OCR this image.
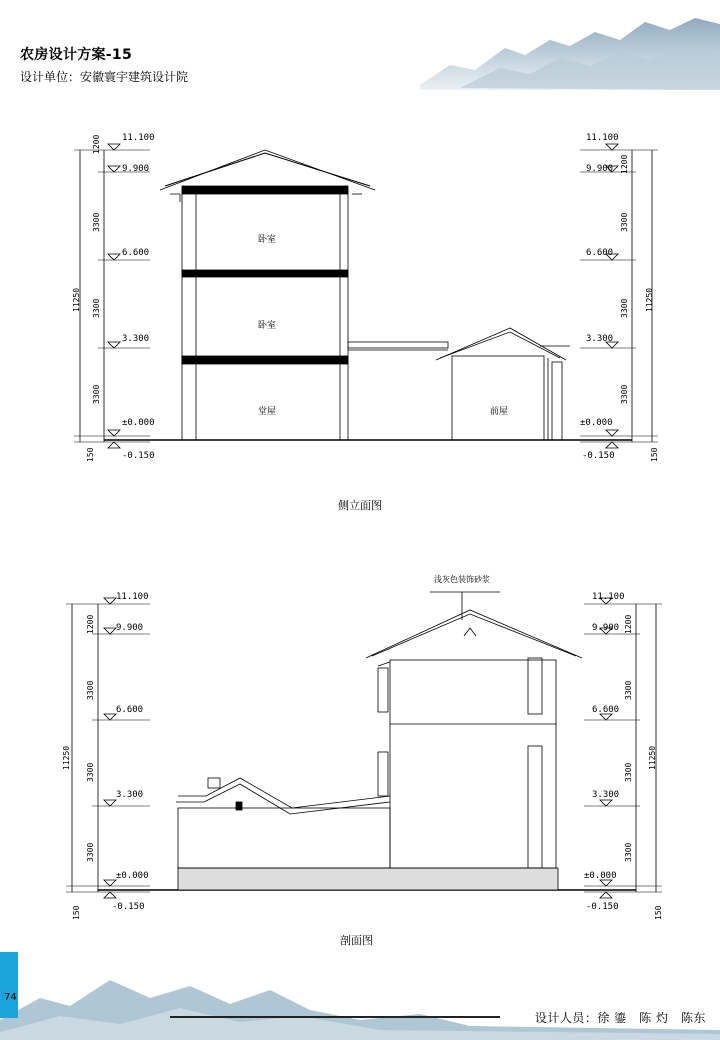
农房设计方案-15
设计单位：安徽寰宇建筑设计院
11.100
9.900
6.600
3.300
±0.000
-0.150
11.100
9.900
6.600
3.300
±0.000
-0.150
1200
3300
3300
3300
150
11250
1200
3300
3300
3300
150
11250
卧室
卧室
堂屋	前屋
侧立面图
浅灰色装饰砂浆
11.100
9.900
6.600
3.300
±0.000
-0.150
11.100
9.900
6.600
3.300
±0.000
-0.150
1200
3300
3300
3300
150
11250
1200
3300
3300
3300
150
11250
剖面图
74
设计人员：徐 鎏　陈 灼　陈东
